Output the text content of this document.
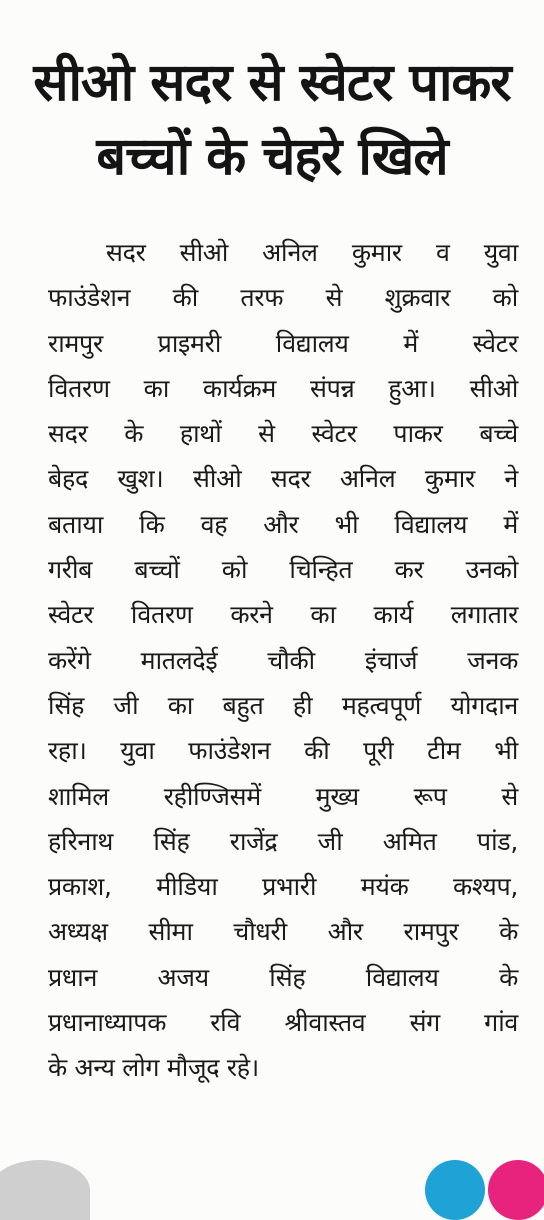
सीओ सदर से स्वेटर पाकर
बच्चों के चेहरे खिले
सदर सीओ अनिल कुमार व युवा
फाउंडेशन की तरफ से शुक्रवार को
रामपुर प्राइमरी विद्यालय में स्वेटर
वितरण का कार्यक्रम संपन्न हुआ। सीओ
सदर के हाथों से स्वेटर पाकर बच्चे
बेहद खुश। सीओ सदर अनिल कुमार ने
बताया कि वह और भी विद्यालय में
गरीब बच्चों को चिन्हित कर उनको
स्वेटर वितरण करने का कार्य लगातार
करेंगे मातलदेई चौकी इंचार्ज जनक
सिंह जी का बहुत ही महत्वपूर्ण योगदान
रहा। युवा फाउंडेशन की पूरी टीम भी
शामिल रहीण्जिसमें मुख्य रूप से
हरिनाथ सिंह राजेंद्र जी अमित पांड,
प्रकाश, मीडिया प्रभारी मयंक कश्यप,
अध्यक्ष सीमा चौधरी और रामपुर के
प्रधान अजय सिंह विद्यालय के
प्रधानाध्यापक रवि श्रीवास्तव संग गांव
के अन्य लोग मौजूद रहे।
